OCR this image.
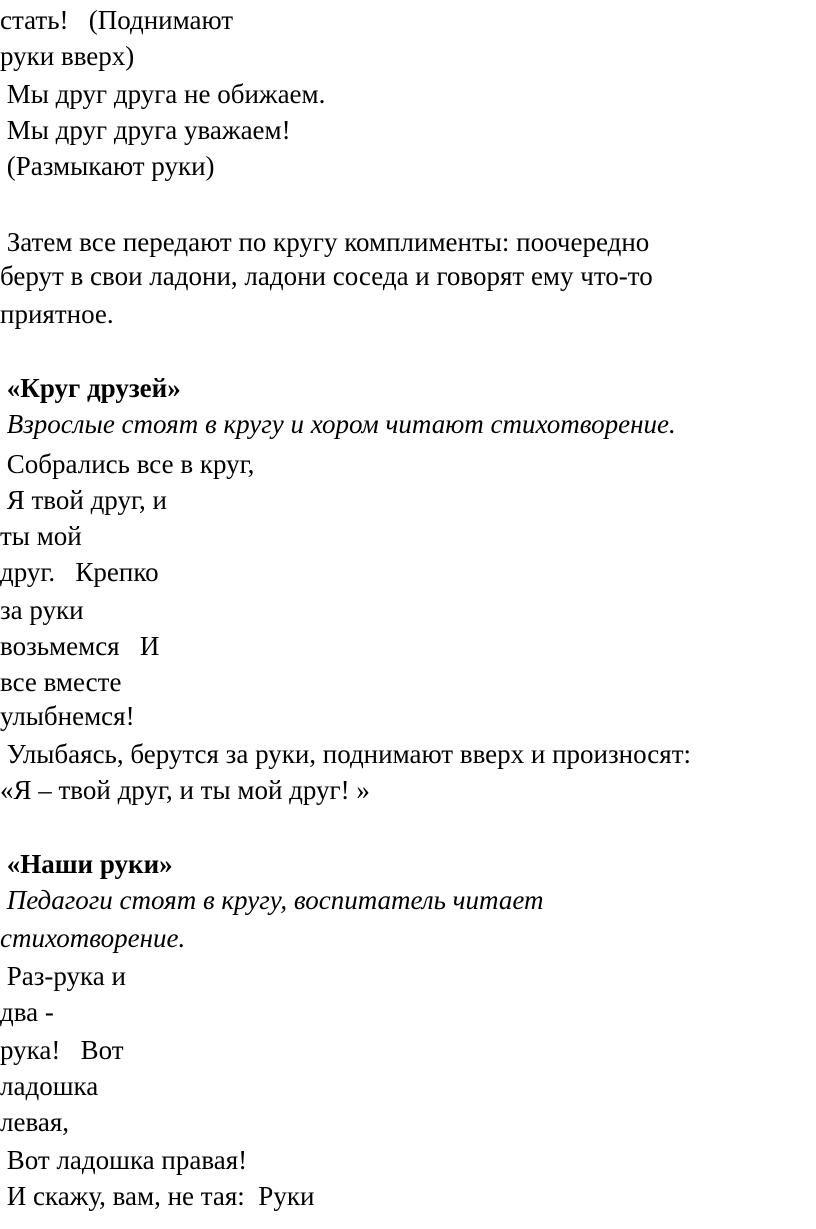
стать!   (Поднимают

руки вверх)

Мы друг друга не обижаем.

Мы друг друга уважаем!

(Размыкают руки)

Затем все передают по кругу комплименты: поочередно

берут в свои ладони, ладони соседа и говорят ему что-то

приятное.

«Круг друзей»

Взрослые стоят в кругу и хором читают стихотворение.

Собрались все в круг,

Я твой друг, и

ты мой

друг.   Крепко

за руки

возьмемся   И

все вместе

улыбнемся!

Улыбаясь, берутся за руки, поднимают вверх и произносят:

«Я – твой друг, и ты мой друг! »

«Наши руки»

Педагоги стоят в кругу, воспитатель читает

стихотворение.

Раз-рука и

два -

рука!   Вот

ладошка

левая,

Вот ладошка правая!

И скажу, вам, не тая:  Руки
